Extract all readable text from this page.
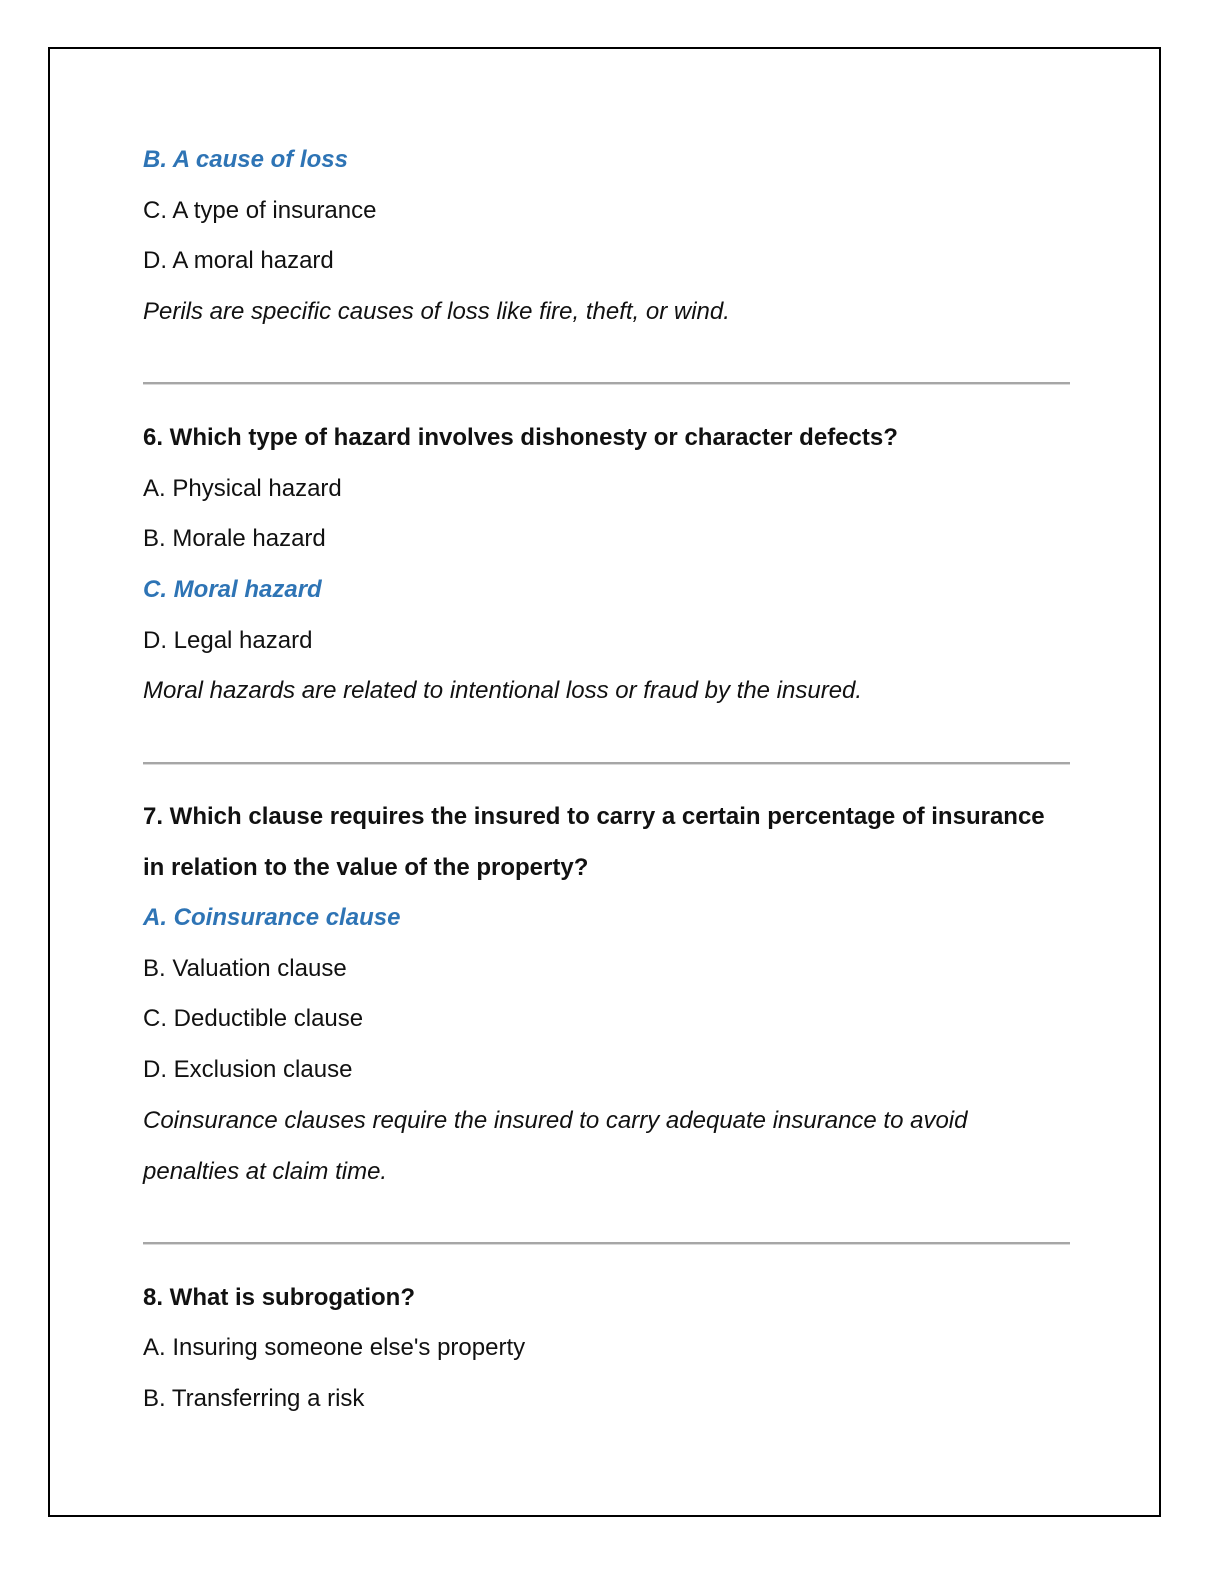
B. A cause of loss
C. A type of insurance
D. A moral hazard
Perils are specific causes of loss like fire, theft, or wind.
6. Which type of hazard involves dishonesty or character defects?
A. Physical hazard
B. Morale hazard
C. Moral hazard
D. Legal hazard
Moral hazards are related to intentional loss or fraud by the insured.
7. Which clause requires the insured to carry a certain percentage of insurance
in relation to the value of the property?
A. Coinsurance clause
B. Valuation clause
C. Deductible clause
D. Exclusion clause
Coinsurance clauses require the insured to carry adequate insurance to avoid
penalties at claim time.
8. What is subrogation?
A. Insuring someone else's property
B. Transferring a risk
